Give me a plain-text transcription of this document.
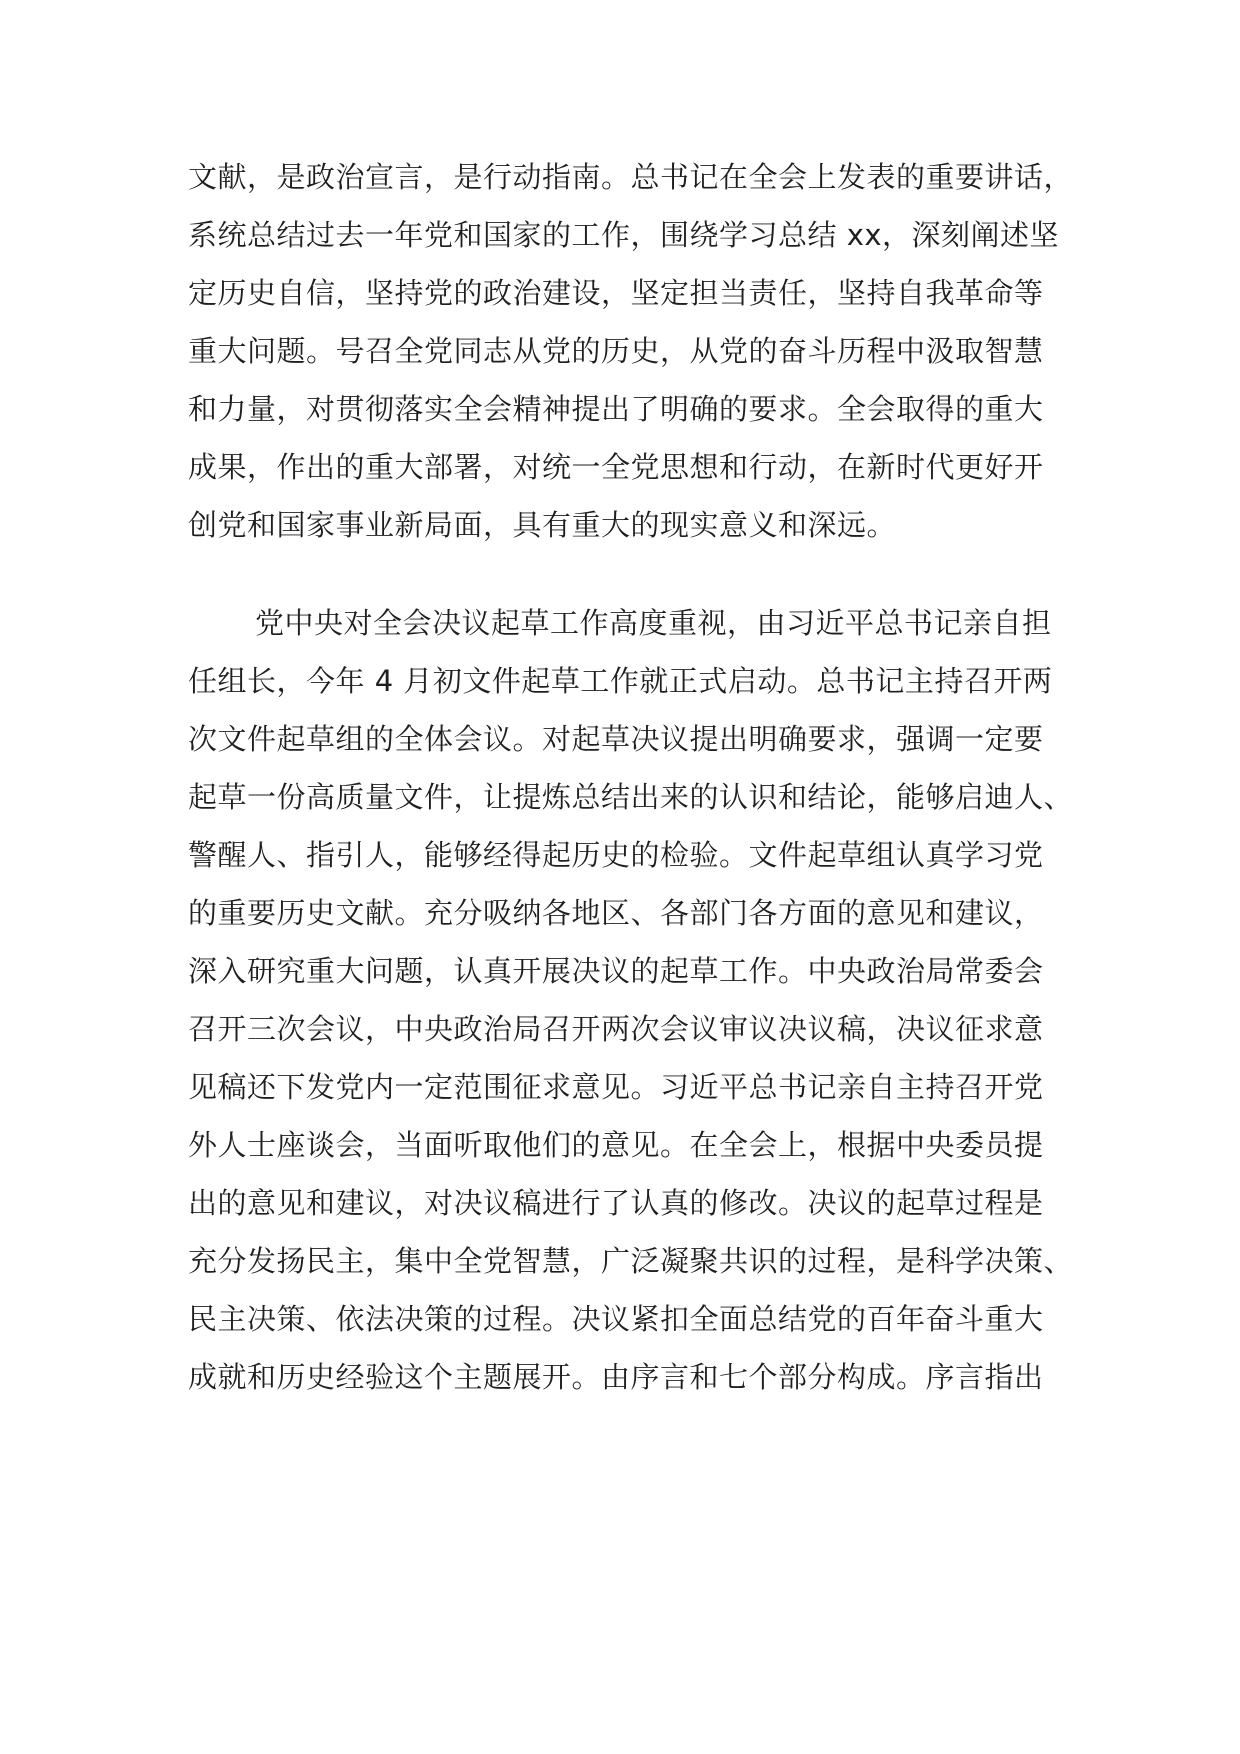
文献，是政治宣言，是行动指南。总书记在全会上发表的重要讲话，
系统总结过去一年党和国家的工作，围绕学习总结 xx，深刻阐述坚
定历史自信，坚持党的政治建设，坚定担当责任，坚持自我革命等
重大问题。号召全党同志从党的历史，从党的奋斗历程中汲取智慧
和力量，对贯彻落实全会精神提出了明确的要求。全会取得的重大
成果，作出的重大部署，对统一全党思想和行动，在新时代更好开
创党和国家事业新局面，具有重大的现实意义和深远。
党中央对全会决议起草工作高度重视，由习近平总书记亲自担
任组长，今年 4 月初文件起草工作就正式启动。总书记主持召开两
次文件起草组的全体会议。对起草决议提出明确要求，强调一定要
起草一份高质量文件，让提炼总结出来的认识和结论，能够启迪人、
警醒人、指引人，能够经得起历史的检验。文件起草组认真学习党
的重要历史文献。充分吸纳各地区、各部门各方面的意见和建议，
深入研究重大问题，认真开展决议的起草工作。中央政治局常委会
召开三次会议，中央政治局召开两次会议审议决议稿，决议征求意
见稿还下发党内一定范围征求意见。习近平总书记亲自主持召开党
外人士座谈会，当面听取他们的意见。在全会上，根据中央委员提
出的意见和建议，对决议稿进行了认真的修改。决议的起草过程是
充分发扬民主，集中全党智慧，广泛凝聚共识的过程，是科学决策、
民主决策、依法决策的过程。决议紧扣全面总结党的百年奋斗重大
成就和历史经验这个主题展开。由序言和七个部分构成。序言指出
